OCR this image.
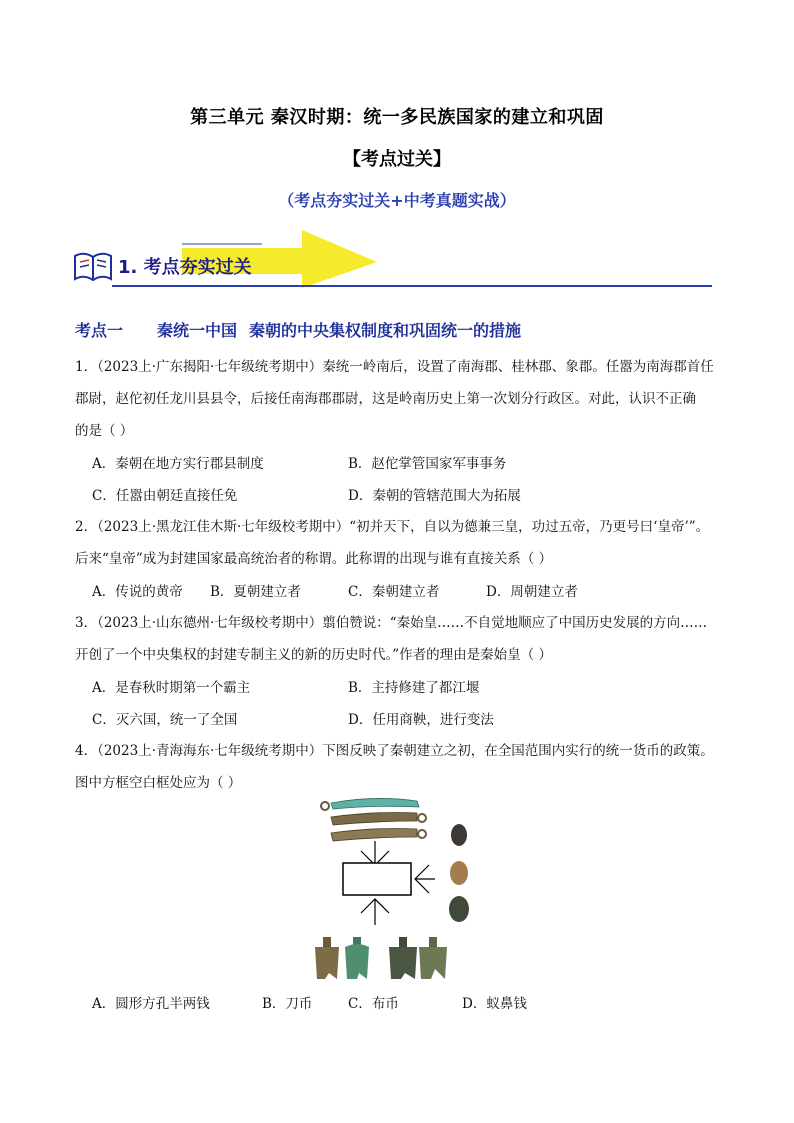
第三单元 秦汉时期：统一多民族国家的建立和巩固
【考点过关】
（考点夯实过关+中考真题实战）
1. 考点夯实过关
考点一 秦统一中国 秦朝的中央集权制度和巩固统一的措施
1．（2023上·广东揭阳·七年级统考期中）秦统一岭南后，设置了南海郡、桂林郡、象郡。任嚣为南海郡首任
郡尉，赵佗初任龙川县县令，后接任南海郡郡尉，这是岭南历史上第一次划分行政区。对此，认识不正确
的是（ ）
A．秦朝在地方实行郡县制度	B．赵佗掌管国家军事事务
C．任嚣由朝廷直接任免	D．秦朝的管辖范围大为拓展
2．（2023上·黑龙江佳木斯·七年级校考期中）“初并天下，自以为德兼三皇，功过五帝，乃更号曰‘皇帝’”。
后来“皇帝”成为封建国家最高统治者的称谓。此称谓的出现与谁有直接关系（ ）
A．传说的黄帝 B．夏朝建立者	C．秦朝建立者	D．周朝建立者
3．（2023上·山东德州·七年级校考期中）翦伯赞说：“秦始皇……不自觉地顺应了中国历史发展的方向……
开创了一个中央集权的封建专制主义的新的历史时代。”作者的理由是秦始皇（ ）
A．是春秋时期第一个霸主	B．主持修建了都江堰
C．灭六国，统一了全国	D．任用商鞅，进行变法
4．（2023上·青海海东·七年级统考期中）下图反映了秦朝建立之初，在全国范围内实行的统一货币的政策。
图中方框空白框处应为（ ）
A．圆形方孔半两钱	B．刀币	C．布币	D．蚁鼻钱
